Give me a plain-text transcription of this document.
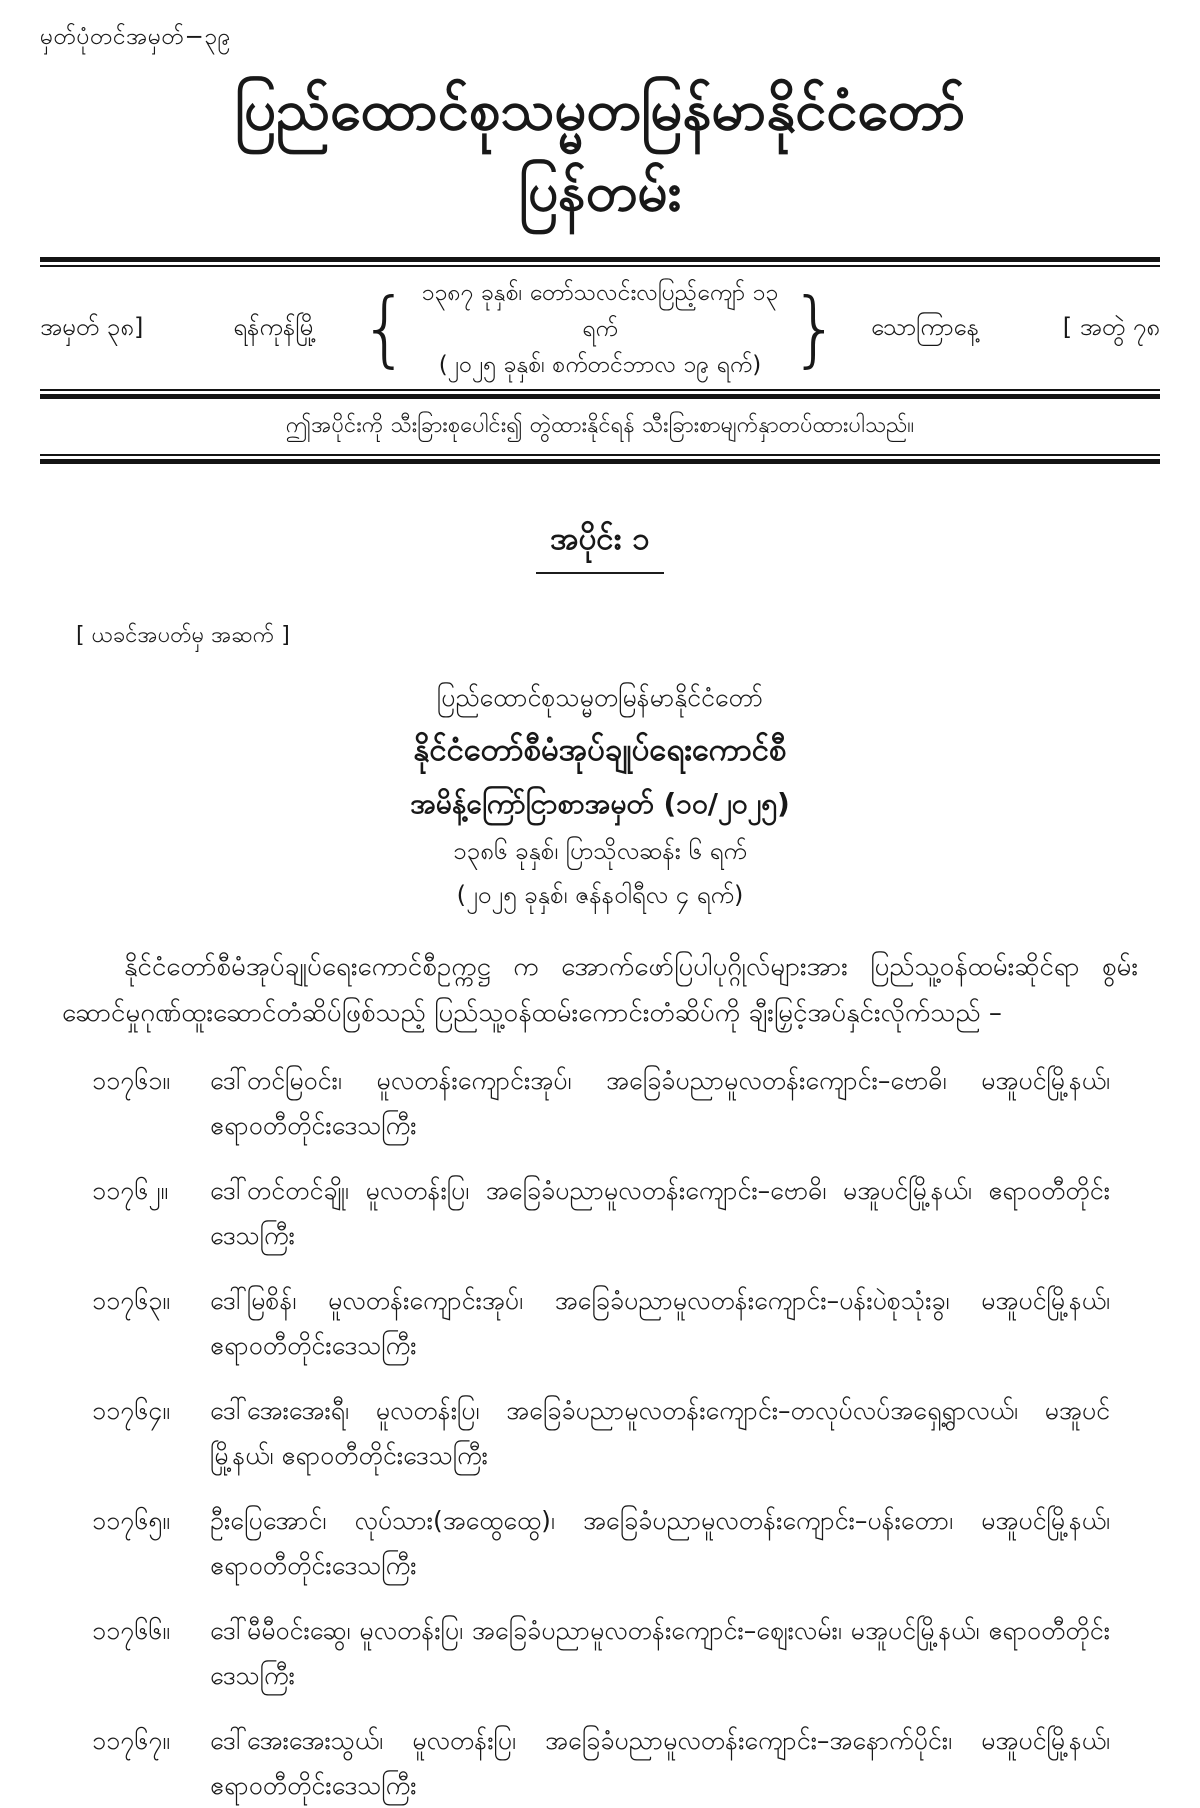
မှတ်ပုံတင်အမှတ်−၃၉
ပြည်ထောင်စုသမ္မတမြန်မာနိုင်ငံတော်
ပြန်တမ်း
အမှတ် ၃၈]	ရန်ကုန်မြို့ { ၁၃၈၇ ခုနှစ်၊ တော်သလင်းလပြည့်ကျော် ၁၃ ရက်
(၂၀၂၅ ခုနှစ်၊ စက်တင်ဘာလ ၁၉ ရက်) }	သောကြာနေ့	[ အတွဲ ၇၈
ဤအပိုင်းကို သီးခြားစုပေါင်း၍ တွဲထားနိုင်ရန် သီးခြားစာမျက်နှာတပ်ထားပါသည်။
အပိုင်း ၁
[ ယခင်အပတ်မှ အဆက် ]
ပြည်ထောင်စုသမ္မတမြန်မာနိုင်ငံတော်
နိုင်ငံတော်စီမံအုပ်ချုပ်ရေးကောင်စီ
အမိန့်ကြော်ငြာစာအမှတ် (၁၀/၂၀၂၅)
၁၃၈၆ ခုနှစ်၊ ပြာသိုလဆန်း ၆ ရက်
(၂၀၂၅ ခုနှစ်၊ ဇန်နဝါရီလ ၄ ရက်)

နိုင်ငံတော်စီမံအုပ်ချုပ်ရေးကောင်စီဥက္ကဋ္ဌ က အောက်ဖော်ပြပါပုဂ္ဂိုလ်များအား ပြည်သူ့ဝန်ထမ်းဆိုင်ရာ စွမ်းဆောင်မှုဂုဏ်ထူးဆောင်တံဆိပ်ဖြစ်သည့် ပြည်သူ့ဝန်ထမ်းကောင်းတံဆိပ်ကို ချီးမြှင့်အပ်နှင်းလိုက်သည် –

၁၁၇၆၁။	ဒေါ်တင်မြဝင်း၊ မူလတန်းကျောင်းအုပ်၊ အခြေခံပညာမူလတန်းကျောင်း–ဗောဓိ၊ မအူပင်မြို့နယ်၊ ဧရာဝတီတိုင်းဒေသကြီး
၁၁၇၆၂။	ဒေါ်တင်တင်ချို၊ မူလတန်းပြ၊ အခြေခံပညာမူလတန်းကျောင်း–ဗောဓိ၊ မအူပင်မြို့နယ်၊ ဧရာဝတီတိုင်းဒေသကြီး
၁၁၇၆၃။	ဒေါ်မြစိန်၊ မူလတန်းကျောင်းအုပ်၊ အခြေခံပညာမူလတန်းကျောင်း–ပန်းပဲစုသုံးခွ၊ မအူပင်မြို့နယ်၊ ဧရာဝတီတိုင်းဒေသကြီး
၁၁၇၆၄။	ဒေါ်အေးအေးရီ၊ မူလတန်းပြ၊ အခြေခံပညာမူလတန်းကျောင်း–တလုပ်လပ်အရှေ့ရွာလယ်၊ မအူပင်မြို့နယ်၊ ဧရာဝတီတိုင်းဒေသကြီး
၁၁၇၆၅။	ဦးပြေအောင်၊ လုပ်သား(အထွေထွေ)၊ အခြေခံပညာမူလတန်းကျောင်း–ပန်းတော၊ မအူပင်မြို့နယ်၊ ဧရာဝတီတိုင်းဒေသကြီး
၁၁၇၆၆။	ဒေါ်မီမီဝင်းဆွေ၊ မူလတန်းပြ၊ အခြေခံပညာမူလတန်းကျောင်း–ဈေးလမ်း၊ မအူပင်မြို့နယ်၊ ဧရာဝတီတိုင်းဒေသကြီး
၁၁၇၆၇။	ဒေါ်အေးအေးသွယ်၊ မူလတန်းပြ၊ အခြေခံပညာမူလတန်းကျောင်း–အနောက်ပိုင်း၊ မအူပင်မြို့နယ်၊ ဧရာဝတီတိုင်းဒေသကြီး
